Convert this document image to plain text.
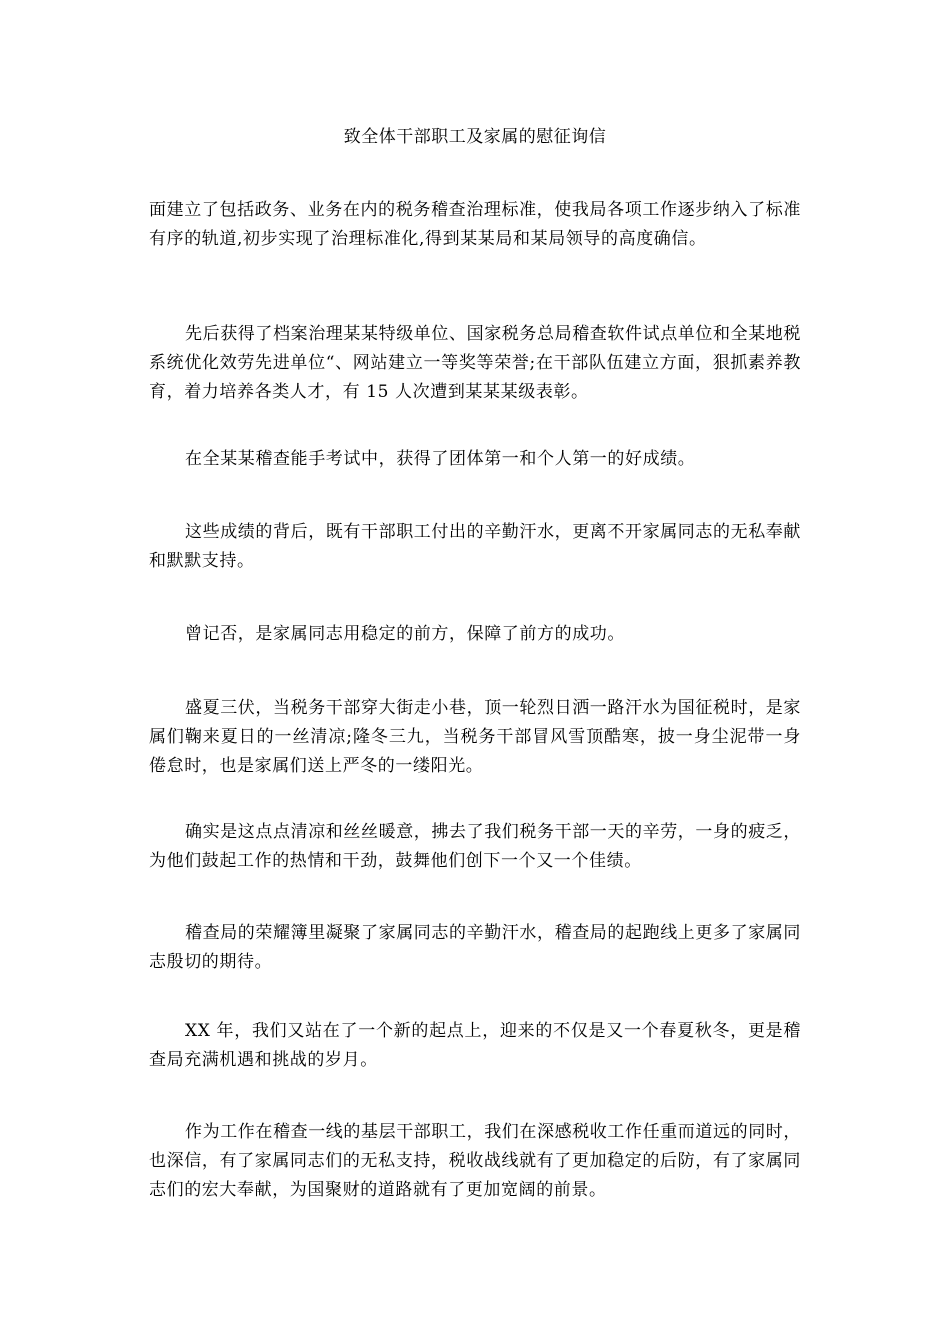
致全体干部职工及家属的慰征询信

面建立了包括政务、业务在内的税务稽查治理标准，使我局各项工作逐步纳入了标准有序的轨道,初步实现了治理标准化,得到某某局和某局领导的高度确信。

先后获得了档案治理某某特级单位、国家税务总局稽查软件试点单位和全某地税系统优化效劳先进单位“、网站建立一等奖等荣誉;在干部队伍建立方面，狠抓素养教育，着力培养各类人才，有 15 人次遭到某某某级表彰。

在全某某稽查能手考试中，获得了团体第一和个人第一的好成绩。

这些成绩的背后，既有干部职工付出的辛勤汗水，更离不开家属同志的无私奉献和默默支持。

曾记否，是家属同志用稳定的前方，保障了前方的成功。

盛夏三伏，当税务干部穿大街走小巷，顶一轮烈日洒一路汗水为国征税时，是家属们鞠来夏日的一丝清凉;隆冬三九，当税务干部冒风雪顶酷寒，披一身尘泥带一身倦怠时，也是家属们送上严冬的一缕阳光。

确实是这点点清凉和丝丝暖意，拂去了我们税务干部一天的辛劳，一身的疲乏，为他们鼓起工作的热情和干劲，鼓舞他们创下一个又一个佳绩。

稽查局的荣耀簿里凝聚了家属同志的辛勤汗水，稽查局的起跑线上更多了家属同志殷切的期待。

XX 年，我们又站在了一个新的起点上，迎来的不仅是又一个春夏秋冬，更是稽查局充满机遇和挑战的岁月。

作为工作在稽查一线的基层干部职工，我们在深感税收工作任重而道远的同时，也深信，有了家属同志们的无私支持，税收战线就有了更加稳定的后防，有了家属同志们的宏大奉献，为国聚财的道路就有了更加宽阔的前景。
